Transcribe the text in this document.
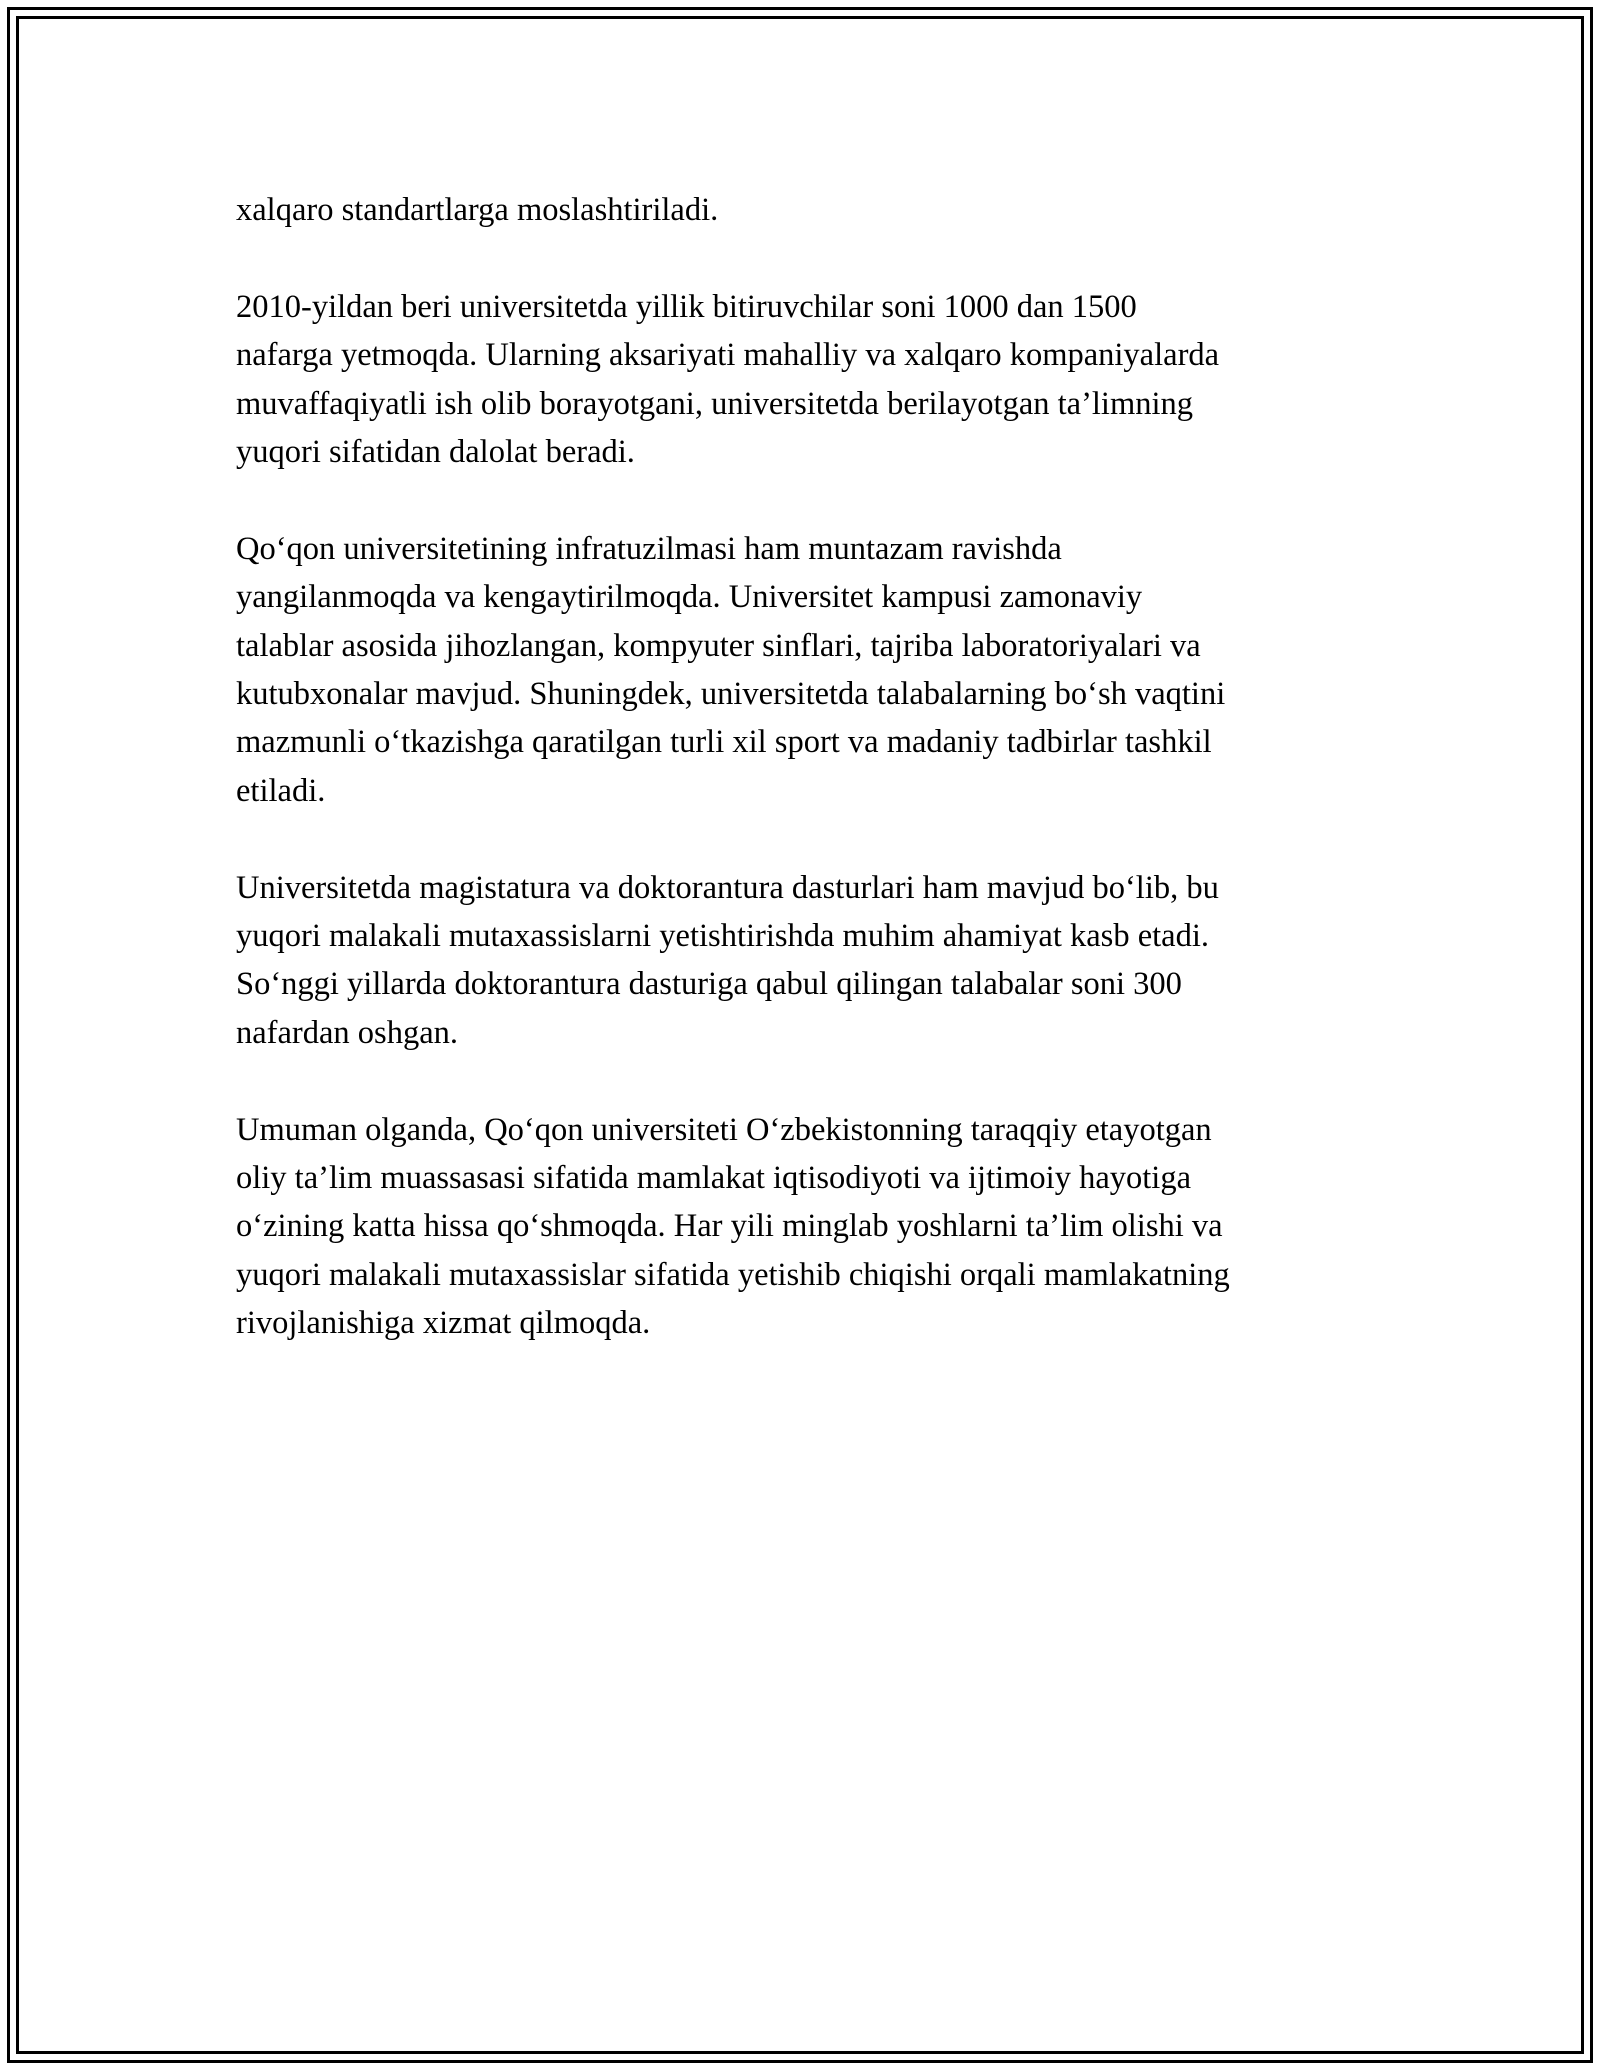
xalqaro standartlarga moslashtiriladi.

2010-yildan beri universitetda yillik bitiruvchilar soni 1000 dan 1500
nafarga yetmoqda. Ularning aksariyati mahalliy va xalqaro kompaniyalarda
muvaffaqiyatli ish olib borayotgani, universitetda berilayotgan ta’limning
yuqori sifatidan dalolat beradi.

Qo‘qon universitetining infratuzilmasi ham muntazam ravishda
yangilanmoqda va kengaytirilmoqda. Universitet kampusi zamonaviy
talablar asosida jihozlangan, kompyuter sinflari, tajriba laboratoriyalari va
kutubxonalar mavjud. Shuningdek, universitetda talabalarning bo‘sh vaqtini
mazmunli o‘tkazishga qaratilgan turli xil sport va madaniy tadbirlar tashkil
etiladi.

Universitetda magistatura va doktorantura dasturlari ham mavjud bo‘lib, bu
yuqori malakali mutaxassislarni yetishtirishda muhim ahamiyat kasb etadi.
So‘nggi yillarda doktorantura dasturiga qabul qilingan talabalar soni 300
nafardan oshgan.

Umuman olganda, Qo‘qon universiteti O‘zbekistonning taraqqiy etayotgan
oliy ta’lim muassasasi sifatida mamlakat iqtisodiyoti va ijtimoiy hayotiga
o‘zining katta hissa qo‘shmoqda. Har yili minglab yoshlarni ta’lim olishi va
yuqori malakali mutaxassislar sifatida yetishib chiqishi orqali mamlakatning
rivojlanishiga xizmat qilmoqda.
